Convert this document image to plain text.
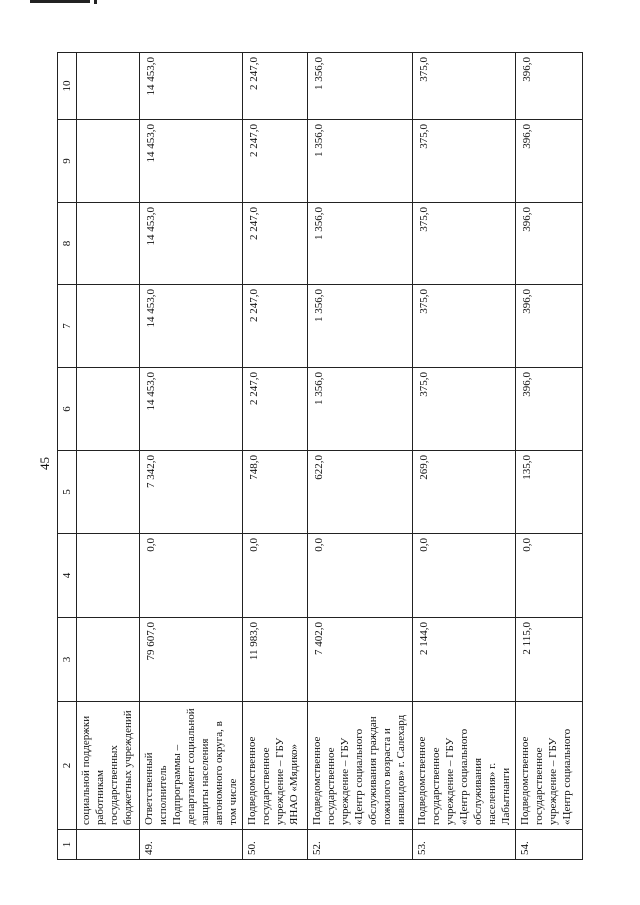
45
1	2	3	4	5	6	7	8	9	10
	социальной поддержки работникам государственных бюджетных учреждений								
49.	Ответственный исполнитель Подпрограммы – департамент социальной защиты населения автономного округа, в том числе	79 607,0	0,0	7 342,0	14 453,0	14 453,0	14 453,0	14 453,0	14 453,0
50.	Подведомственное государственное учреждение – ГБУ ЯНАО «Мядико»	11 983,0	0,0	748,0	2 247,0	2 247,0	2 247,0	2 247,0	2 247,0
52.	Подведомственное государственное учреждение – ГБУ «Центр социального обслуживания граждан пожилого возраста и инвалидов» г. Салехард	7 402,0	0,0	622,0	1 356,0	1 356,0	1 356,0	1 356,0	1 356,0
53.	Подведомственное государственное учреждение – ГБУ «Центр социального обслуживания населения» г. Лабытнанги	2 144,0	0,0	269,0	375,0	375,0	375,0	375,0	375,0
54.	Подведомственное государственное учреждение – ГБУ «Центр социального	2 115,0	0,0	135,0	396,0	396,0	396,0	396,0	396,0
